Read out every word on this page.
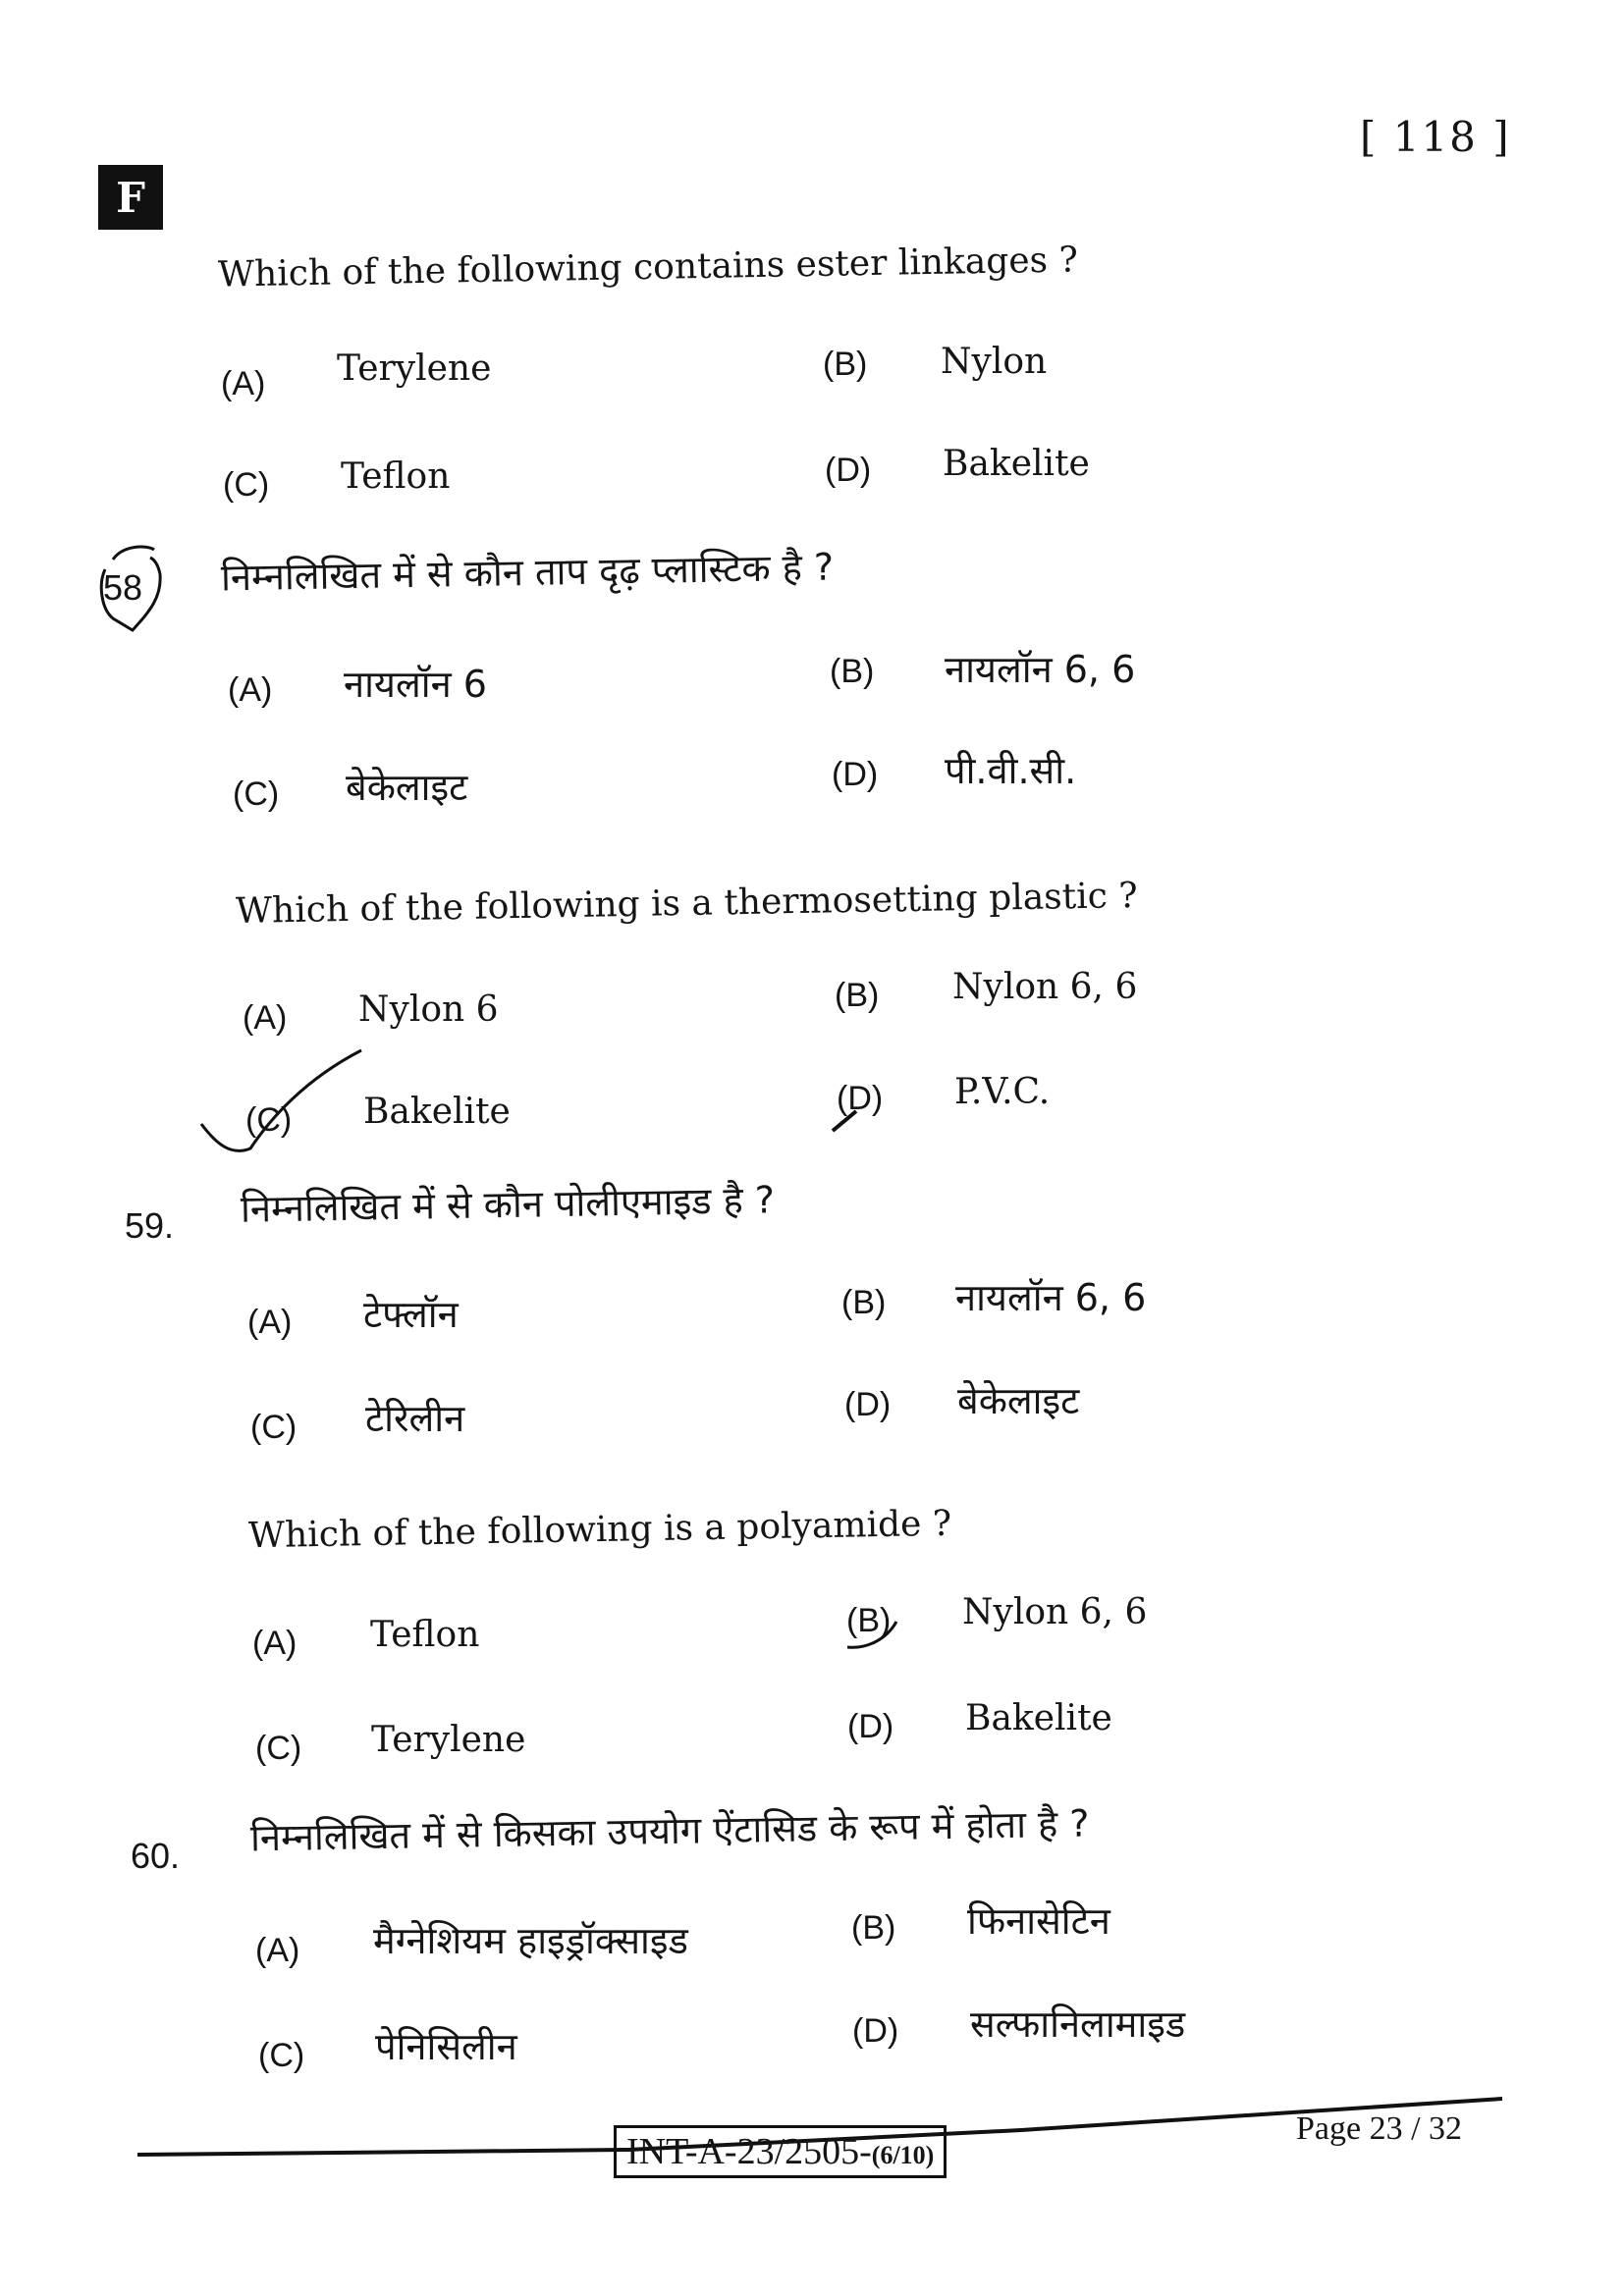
[ 118 ]
F
Which of the following contains ester linkages ?
(A) Terylene	(B) Nylon
(C) Teflon	(D) Bakelite
58 निम्नलिखित में से कौन ताप दृढ़ प्लास्टिक है ?
(A) नायलॉन 6	(B) नायलॉन 6, 6
(C) बेकेलाइट	(D) पी.वी.सी.
Which of the following is a thermosetting plastic ?
(A) Nylon 6	(B) Nylon 6, 6
(C) Bakelite	(D) P.V.C.
59. निम्नलिखित में से कौन पोलीएमाइड है ?
(A) टेफ्लॉन	(B) नायलॉन 6, 6
(C) टेरिलीन	(D) बेकेलाइट
Which of the following is a polyamide ?
(A) Teflon	(B) Nylon 6, 6
(C) Terylene	(D) Bakelite
60. निम्नलिखित में से किसका उपयोग ऐंटासिड के रूप में होता है ?
(A) मैग्नेशियम हाइड्रॉक्साइड	(B) फिनासेटिन
(C) पेनिसिलीन	(D) सल्फानिलामाइड
INT-A-23/2505-(6/10)
Page 23 / 32
